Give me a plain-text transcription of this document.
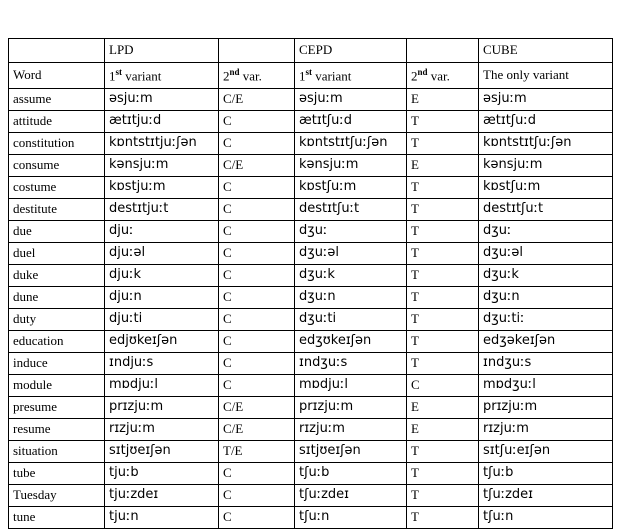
	LPD		CEPD		CUBE
Word	1st variant	2nd var.	1st variant	2nd var.	The only variant
assume	əsjuːm	C/E	əsjuːm	E	əsjuːm
attitude	ætɪtjuːd	C	ætɪtʃuːd	T	ætɪtʃuːd
constitution	kɒntstɪtjuːʃən	C	kɒntstɪtʃuːʃən	T	kɒntstɪtʃuːʃən
consume	kənsjuːm	C/E	kənsjuːm	E	kənsjuːm
costume	kɒstjuːm	C	kɒstʃuːm	T	kɒstʃuːm
destitute	destɪtjuːt	C	destɪtʃuːt	T	destɪtʃuːt
due	djuː	C	dʒuː	T	dʒuː
duel	djuːəl	C	dʒuːəl	T	dʒuːəl
duke	djuːk	C	dʒuːk	T	dʒuːk
dune	djuːn	C	dʒuːn	T	dʒuːn
duty	djuːti	C	dʒuːti	T	dʒuːtiː
education	edjʊkeɪʃən	C	edʒʊkeɪʃən	T	edʒəkeɪʃən
induce	ɪndjuːs	C	ɪndʒuːs	T	ɪndʒuːs
module	mɒdjuːl	C	mɒdjuːl	C	mɒdʒuːl
presume	prɪzjuːm	C/E	prɪzjuːm	E	prɪzjuːm
resume	rɪzjuːm	C/E	rɪzjuːm	E	rɪzjuːm
situation	sɪtjʊeɪʃən	T/E	sɪtjʊeɪʃən	T	sɪtʃuːeɪʃən
tube	tjuːb	C	tʃuːb	T	tʃuːb
Tuesday	tjuːzdeɪ	C	tʃuːzdeɪ	T	tʃuːzdeɪ
tune	tjuːn	C	tʃuːn	T	tʃuːn
